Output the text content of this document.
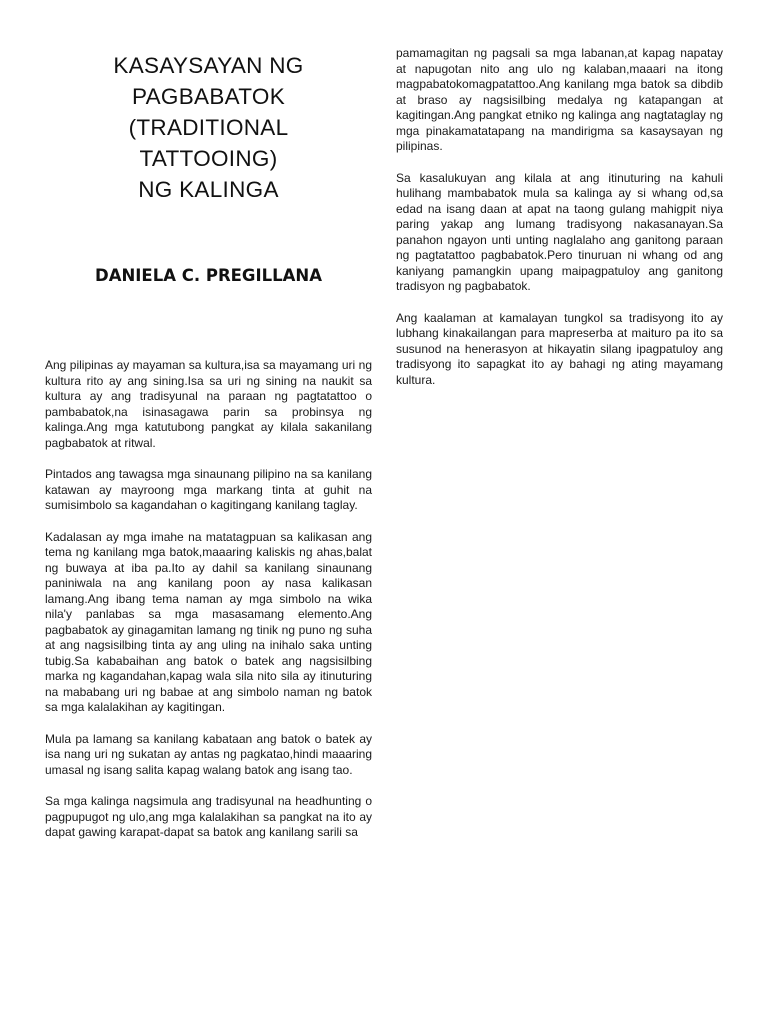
KASAYSAYAN NG
PAGBABATOK
(TRADITIONAL
TATTOOING)
NG KALINGA
DANIELA C. PREGILLANA

Ang pilipinas ay mayaman sa kultura,isa sa mayamang uri ng kultura rito ay ang sining.Isa sa uri ng sining na naukit sa kultura ay ang tradisyunal na paraan ng pagtatattoo o pambabatok,na isinasagawa parin sa probinsya ng kalinga.Ang mga katutubong pangkat ay kilala sakanilang pagbabatok at ritwal.

Pintados ang tawagsa mga sinaunang pilipino na sa kanilang katawan ay mayroong mga markang tinta at guhit na sumisimbolo sa kagandahan o kagitingang kanilang taglay.

Kadalasan ay mga imahe na matatagpuan sa kalikasan ang tema ng kanilang mga batok,maaaring kaliskis ng ahas,balat ng buwaya at iba pa.Ito ay dahil sa kanilang sinaunang paniniwala na ang kanilang poon ay nasa kalikasan lamang.Ang ibang tema naman ay mga simbolo na wika nila'y panlabas sa mga masasamang elemento.Ang pagbabatok ay ginagamitan lamang ng tinik ng puno ng suha at ang nagsisilbing tinta ay ang uling na inihalo saka unting tubig.Sa kababaihan ang batok o batek ang nagsisilbing marka ng kagandahan,kapag wala sila nito sila ay itinuturing na mababang uri ng babae at ang simbolo naman ng batok sa mga kalalakihan ay kagitingan.

Mula pa lamang sa kanilang kabataan ang batok o batek ay isa nang uri ng sukatan ay antas ng pagkatao,hindi maaaring umasal ng isang salita kapag walang batok ang isang tao.

Sa mga kalinga nagsimula ang tradisyunal na headhunting o pagpupugot ng ulo,ang mga kalalakihan sa pangkat na ito ay dapat gawing karapat-dapat sa batok ang kanilang sarili sa

pamamagitan ng pagsali sa mga labanan,at kapag napatay at napugotan nito ang ulo ng kalaban,maaari na itong magpabatokomagpatattoo.Ang kanilang mga batok sa dibdib at braso ay nagsisilbing medalya ng katapangan at kagitingan.Ang pangkat etniko ng kalinga ang nagtataglay ng mga pinakamatatapang na mandirigma sa kasaysayan ng pilipinas.

Sa kasalukuyan ang kilala at ang itinuturing na kahuli hulihang mambabatok mula sa kalinga ay si whang od,sa edad na isang daan at apat na taong gulang mahigpit niya paring yakap ang lumang tradisyong nakasanayan.Sa panahon ngayon unti unting naglalaho ang ganitong paraan ng pagtatattoo pagbabatok.Pero tinuruan ni whang od ang kaniyang pamangkin upang maipagpatuloy ang ganitong tradisyon ng pagbabatok.

Ang kaalaman at kamalayan tungkol sa tradisyong ito ay lubhang kinakailangan para mapreserba at maituro pa ito sa susunod na henerasyon at hikayatin silang ipagpatuloy ang tradisyong ito sapagkat ito ay bahagi ng ating mayamang kultura.
